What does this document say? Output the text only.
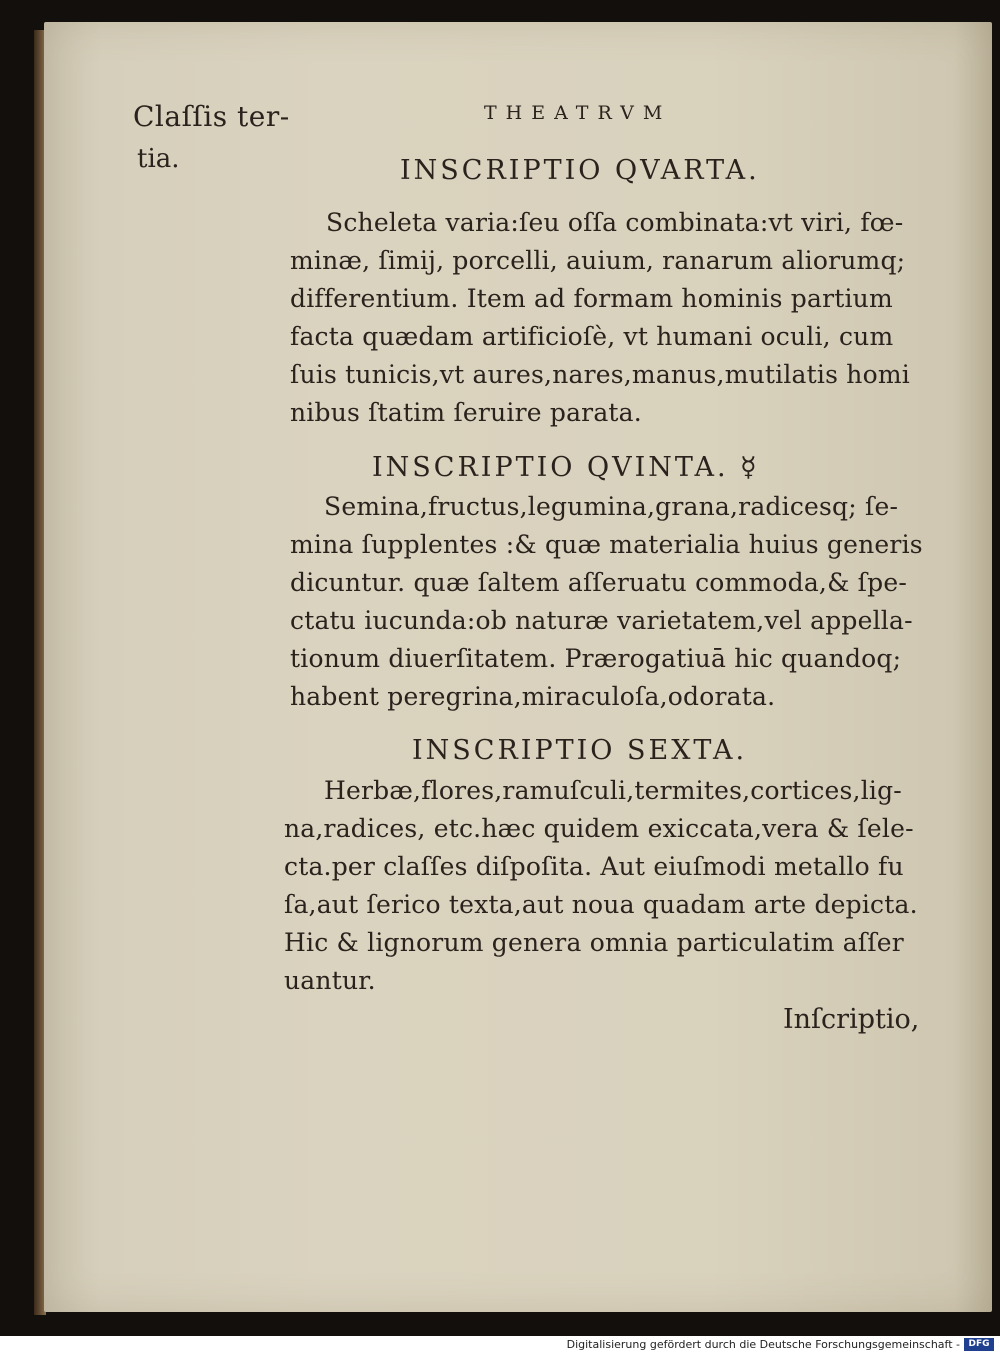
Claſſis ter-
tia.
THEATRVM
INSCRIPTIO QVARTA.
Scheleta varia:ſeu oſſa combinata:vt viri, fœ-
minæ, ſimij, porcelli, auium, ranarum aliorumq;
differentium. Item ad formam hominis partium
facta quædam artificioſè, vt humani oculi, cum
ſuis tunicis,vt aures,nares,manus,mutilatis homi
nibus ſtatim ſeruire parata.
INSCRIPTIO QVINTA. ☿
Semina,fructus,legumina,grana,radicesq; ſe-
mina ſupplentes :& quæ materialia huius generis
dicuntur. quæ ſaltem aſſeruatu commoda,& ſpe-
ctatu iucunda:ob naturæ varietatem,vel appella-
tionum diuerſitatem. Prærogatiuā hic quandoq;
habent peregrina,miraculoſa,odorata.
INSCRIPTIO SEXTA.
Herbæ,flores,ramuſculi,termites,cortices,lig-
na,radices, etc.hæc quidem exiccata,vera & ſele-
cta.per claſſes diſpoſita. Aut eiuſmodi metallo fu
ſa,aut ſerico texta,aut noua quadam arte depicta.
Hic & lignorum genera omnia particulatim aſſer
uantur.
Inſcriptio,
Digitalisierung gefördert durch die Deutsche Forschungsgemeinschaft - DFG
